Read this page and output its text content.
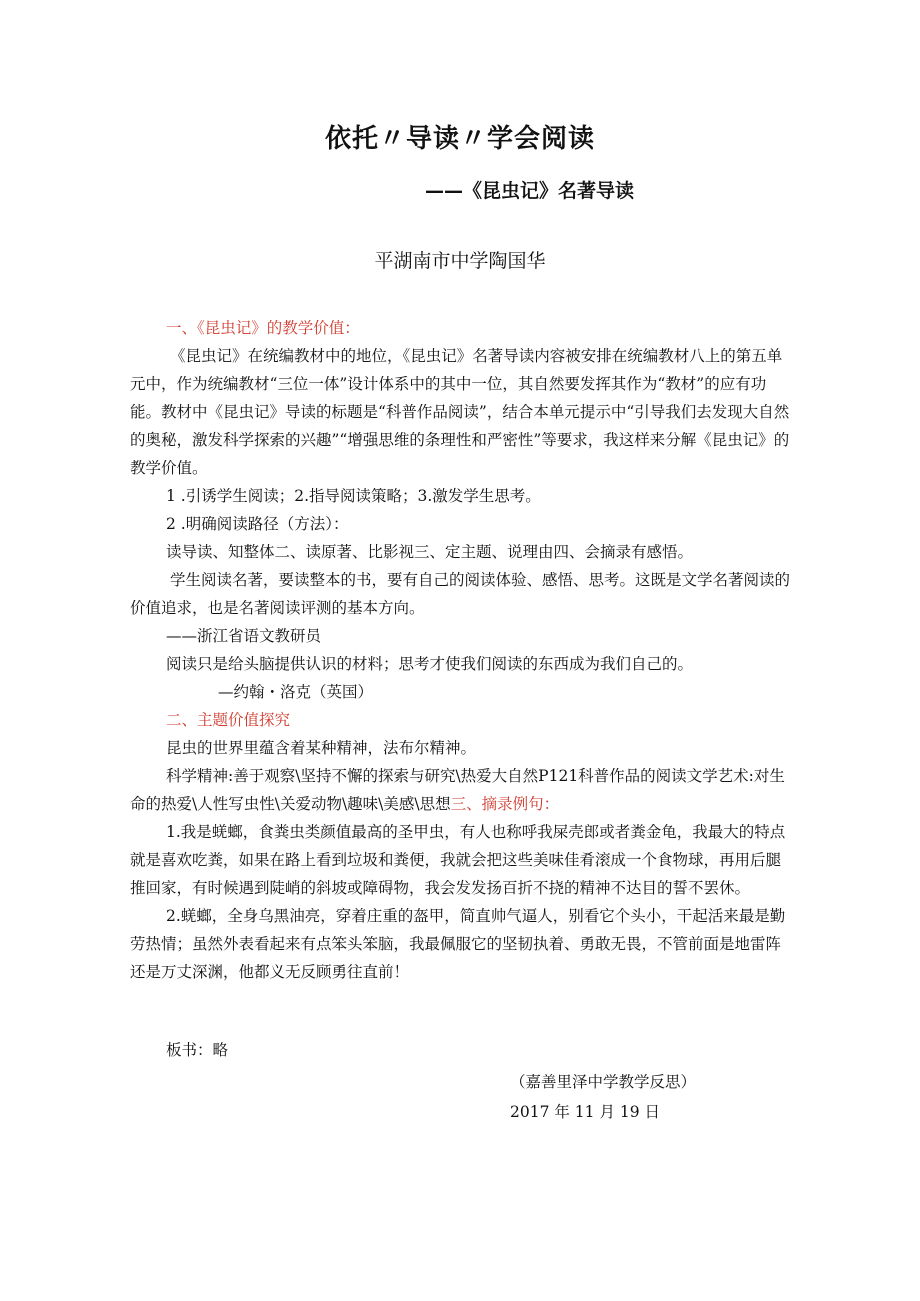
依托〃导读〃学会阅读

——《昆虫记》名著导读

平湖南市中学陶国华

一、《昆虫记》的教学价值：

《昆虫记》在统编教材中的地位，《昆虫记》名著导读内容被安排在统编教材八上的第五单元中，作为统编教材“三位一体”设计体系中的其中一位，其自然要发挥其作为“教材”的应有功能。教材中《昆虫记》导读的标题是“科普作品阅读”，结合本单元提示中“引导我们去发现大自然的奥秘，激发科学探索的兴趣”“增强思维的条理性和严密性”等要求，我这样来分解《昆虫记》的教学价值。

1 .引诱学生阅读；2.指导阅读策略；3.激发学生思考。

2 .明确阅读路径（方法）：

读导读、知整体二、读原著、比影视三、定主题、说理由四、会摘录有感悟。

学生阅读名著，要读整本的书，要有自己的阅读体验、感悟、思考。这既是文学名著阅读的价值追求，也是名著阅读评测的基本方向。

——浙江省语文教研员

阅读只是给头脑提供认识的材料；思考才使我们阅读的东西成为我们自己的。

—约翰・洛克（英国）

二、主题价值探究

昆虫的世界里蕴含着某种精神，法布尔精神。

科学精神:善于观察\坚持不懈的探索与研究\热爱大自然P121科普作品的阅读文学艺术:对生命的热爱\人性写虫性\关爱动物\趣味\美感\思想三、摘录例句：

1.我是蜣螂，食粪虫类颜值最高的圣甲虫，有人也称呼我屎壳郎或者粪金龟，我最大的特点就是喜欢吃粪，如果在路上看到垃圾和粪便，我就会把这些美味佳肴滚成一个食物球，再用后腿推回家，有时候遇到陡峭的斜坡或障碍物，我会发发扬百折不挠的精神不达目的誓不罢休。

2.蜣螂，全身乌黑油亮，穿着庄重的盔甲，简直帅气逼人，别看它个头小，干起活来最是勤劳热情；虽然外表看起来有点笨头笨脑，我最佩服它的坚韧执着、勇敢无畏，不管前面是地雷阵还是万丈深渊，他都义无反顾勇往直前！

板书：略

（嘉善里泽中学教学反思）

2017 年 11 月 19 日
